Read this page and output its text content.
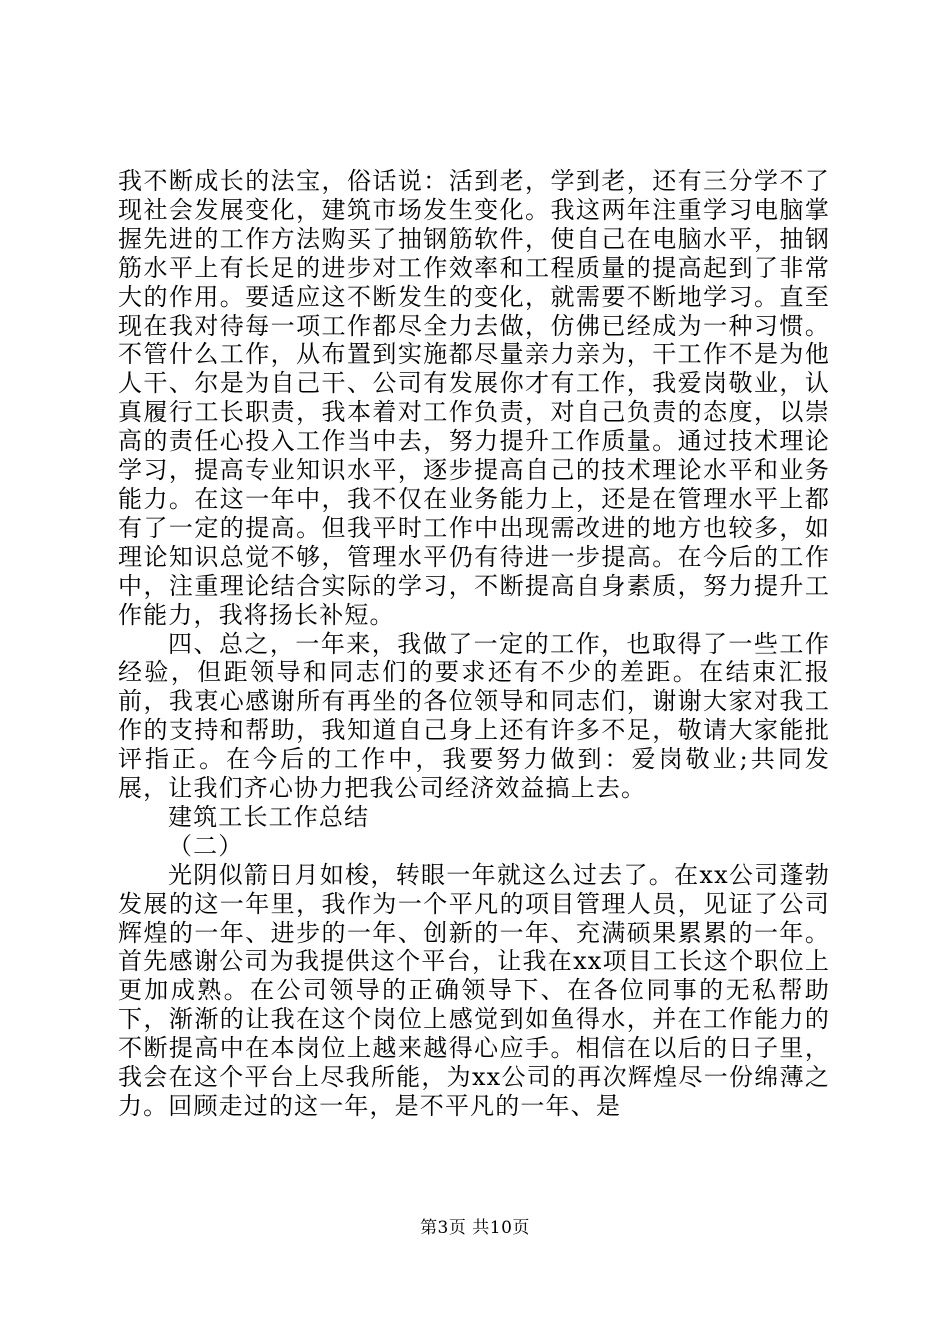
我不断成长的法宝，俗话说：活到老，学到老，还有三分学不了现社会发展变化，建筑市场发生变化。我这两年注重学习电脑掌握先进的工作方法购买了抽钢筋软件，使自己在电脑水平，抽钢筋水平上有长足的进步对工作效率和工程质量的提高起到了非常大的作用。要适应这不断发生的变化，就需要不断地学习。直至现在我对待每一项工作都尽全力去做，仿佛已经成为一种习惯。不管什么工作，从布置到实施都尽量亲力亲为，干工作不是为他人干、尔是为自己干、公司有发展你才有工作，我爱岗敬业，认真履行工长职责，我本着对工作负责，对自己负责的态度，以崇高的责任心投入工作当中去，努力提升工作质量。通过技术理论学习，提高专业知识水平，逐步提高自己的技术理论水平和业务能力。在这一年中，我不仅在业务能力上，还是在管理水平上都有了一定的提高。但我平时工作中出现需改进的地方也较多，如理论知识总觉不够，管理水平仍有待进一步提高。在今后的工作中，注重理论结合实际的学习，不断提高自身素质，努力提升工作能力，我将扬长补短。

四、总之，一年来，我做了一定的工作，也取得了一些工作经验，但距领导和同志们的要求还有不少的差距。在结束汇报前，我衷心感谢所有再坐的各位领导和同志们，谢谢大家对我工作的支持和帮助，我知道自己身上还有许多不足，敬请大家能批评指正。在今后的工作中，我要努力做到：爱岗敬业;共同发展，让我们齐心协力把我公司经济效益搞上去。

建筑工长工作总结

（二）

光阴似箭日月如梭，转眼一年就这么过去了。在xx公司蓬勃发展的这一年里，我作为一个平凡的项目管理人员，见证了公司辉煌的一年、进步的一年、创新的一年、充满硕果累累的一年。首先感谢公司为我提供这个平台，让我在xx项目工长这个职位上更加成熟。在公司领导的正确领导下、在各位同事的无私帮助下，渐渐的让我在这个岗位上感觉到如鱼得水，并在工作能力的不断提高中在本岗位上越来越得心应手。相信在以后的日子里，我会在这个平台上尽我所能，为xx公司的再次辉煌尽一份绵薄之力。回顾走过的这一年，是不平凡的一年、是

第3页 共10页
